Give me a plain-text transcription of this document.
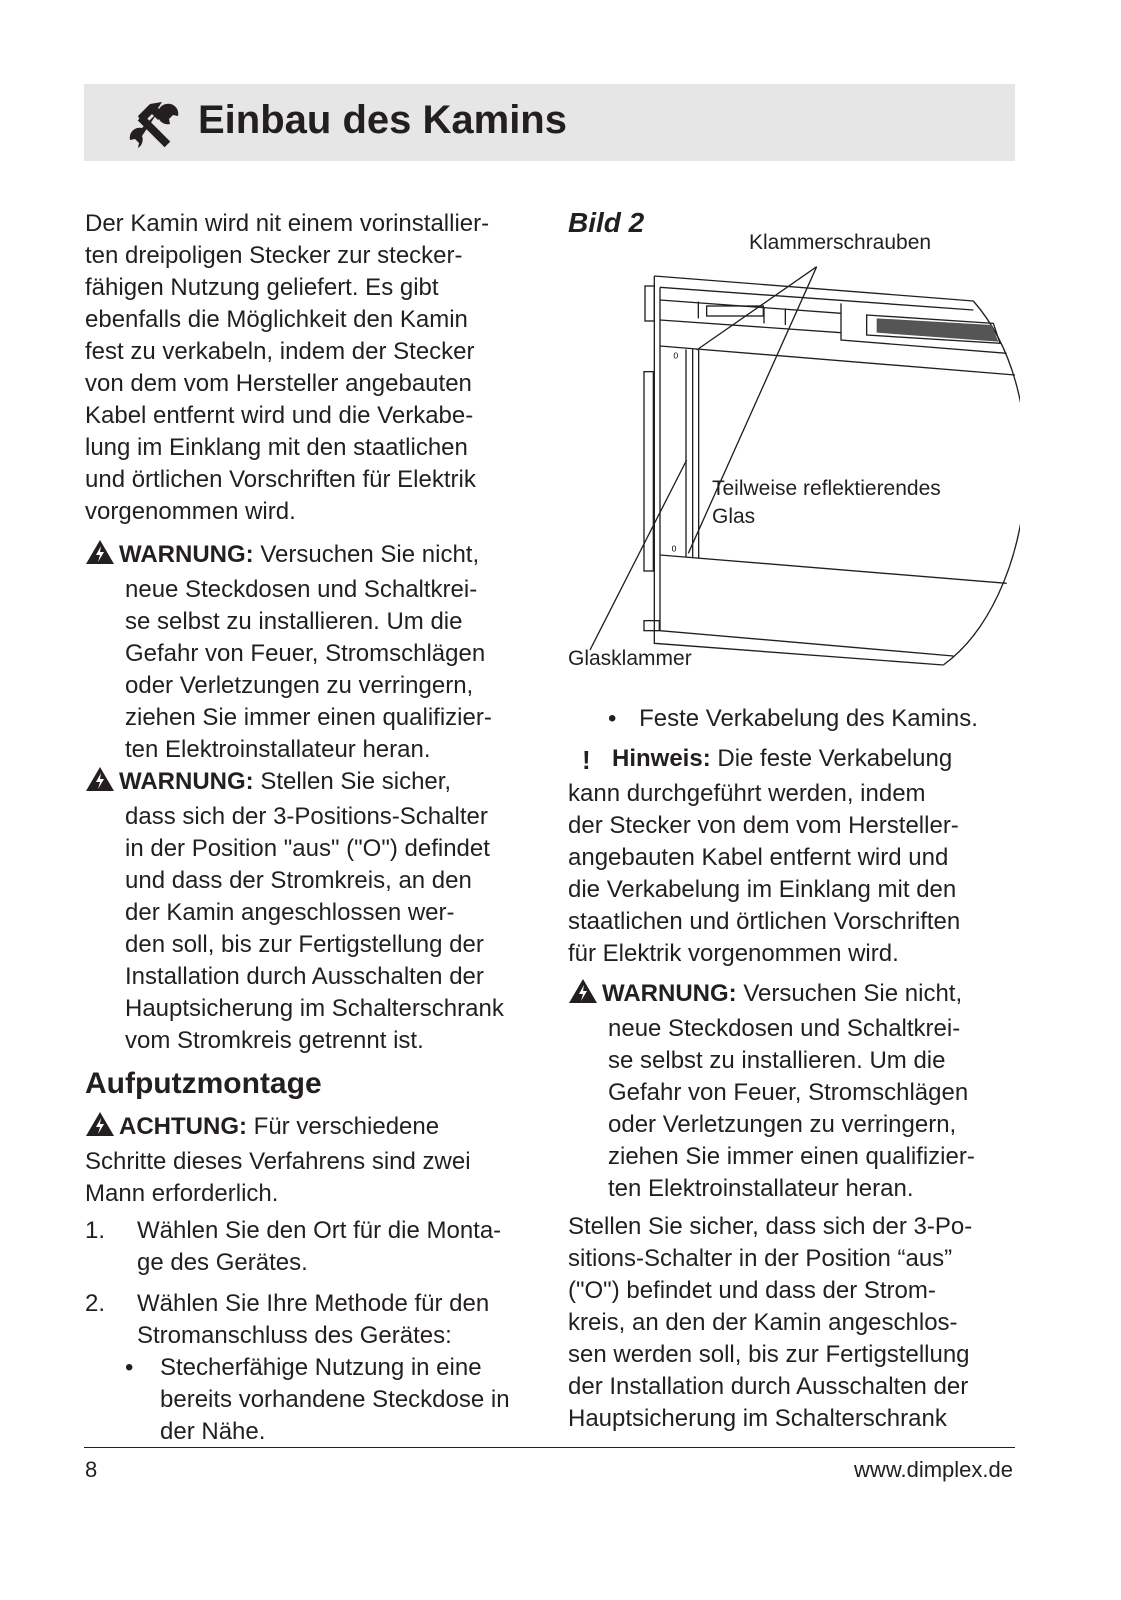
Einbau des Kamins
Der Kamin wird nit einem vorinstallier-
ten dreipoligen Stecker zur stecker-
fähigen Nutzung geliefert. Es gibt
ebenfalls die Möglichkeit den Kamin
fest zu verkabeln, indem der Stecker
von dem vom Hersteller angebauten
Kabel entfernt wird und die Verkabe-
lung im Einklang mit den staatlichen
und örtlichen Vorschriften für Elektrik
vorgenommen wird.
WARNUNG: Versuchen Sie nicht,
neue Steckdosen und Schaltkrei-
se selbst zu installieren. Um die
Gefahr von Feuer, Stromschlägen
oder Verletzungen zu verringern,
ziehen Sie immer einen qualifizier-
ten Elektroinstallateur heran.
WARNUNG: Stellen Sie sicher,
dass sich der 3-Positions-Schalter
in der Position "aus" ("O") defindet
und dass der Stromkreis, an den
der Kamin angeschlossen wer-
den soll, bis zur Fertigstellung der
Installation durch Ausschalten der
Hauptsicherung im Schalterschrank
vom Stromkreis getrennt ist.
Aufputzmontage
ACHTUNG: Für verschiedene
Schritte dieses Verfahrens sind zwei
Mann erforderlich.
1. Wählen Sie den Ort für die Monta-
ge des Gerätes.
2. Wählen Sie Ihre Methode für den
Stromanschluss des Gerätes:
• Stecherfähige Nutzung in eine
bereits vorhandene Steckdose in
der Nähe.
Bild 2
0
0
Klammerschrauben
Teilweise reflektierendes
Glas
Glasklammer
• Feste Verkabelung des Kamins.
! Hinweis: Die feste Verkabelung
kann durchgeführt werden, indem
der Stecker von dem vom Hersteller-
angebauten Kabel entfernt wird und
die Verkabelung im Einklang mit den
staatlichen und örtlichen Vorschriften
für Elektrik vorgenommen wird.
WARNUNG: Versuchen Sie nicht,
neue Steckdosen und Schaltkrei-
se selbst zu installieren. Um die
Gefahr von Feuer, Stromschlägen
oder Verletzungen zu verringern,
ziehen Sie immer einen qualifizier-
ten Elektroinstallateur heran.
Stellen Sie sicher, dass sich der 3-Po-
sitions-Schalter in der Position “aus”
("O") befindet und dass der Strom-
kreis, an den der Kamin angeschlos-
sen werden soll, bis zur Fertigstellung
der Installation durch Ausschalten der
Hauptsicherung im Schalterschrank
8	www.dimplex.de
